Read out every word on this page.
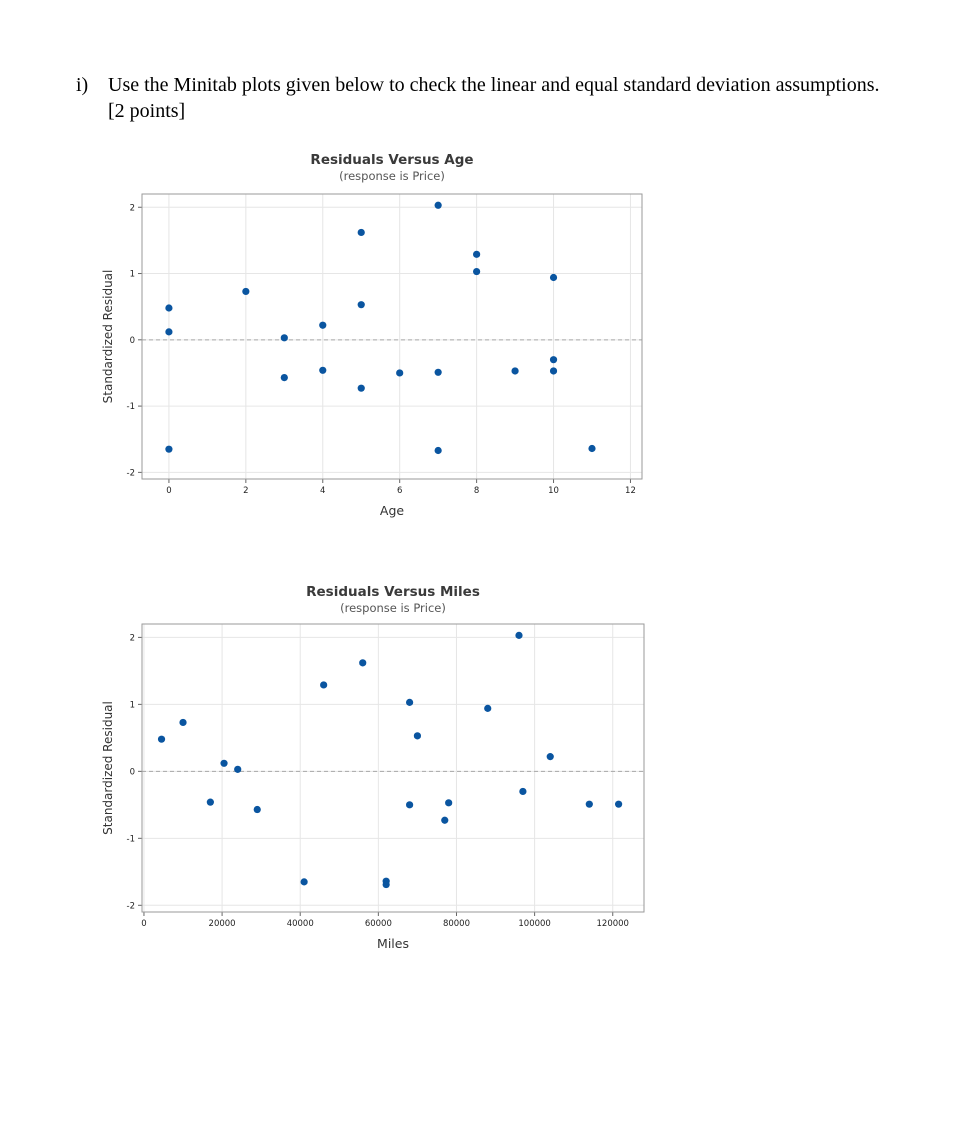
i) Use the Minitab plots given below to check the linear and equal standard deviation assumptions.
[2 points]
Residuals Versus Age
(response is Price)
0	2	4	6	8	10	12
-2
-1
0
1
2
Age
Standardized Residual
Residuals Versus Miles
(response is Price)
0	20000	40000	60000	80000	100000	120000
-2
-1
0
1
2
Miles
Standardized Residual
